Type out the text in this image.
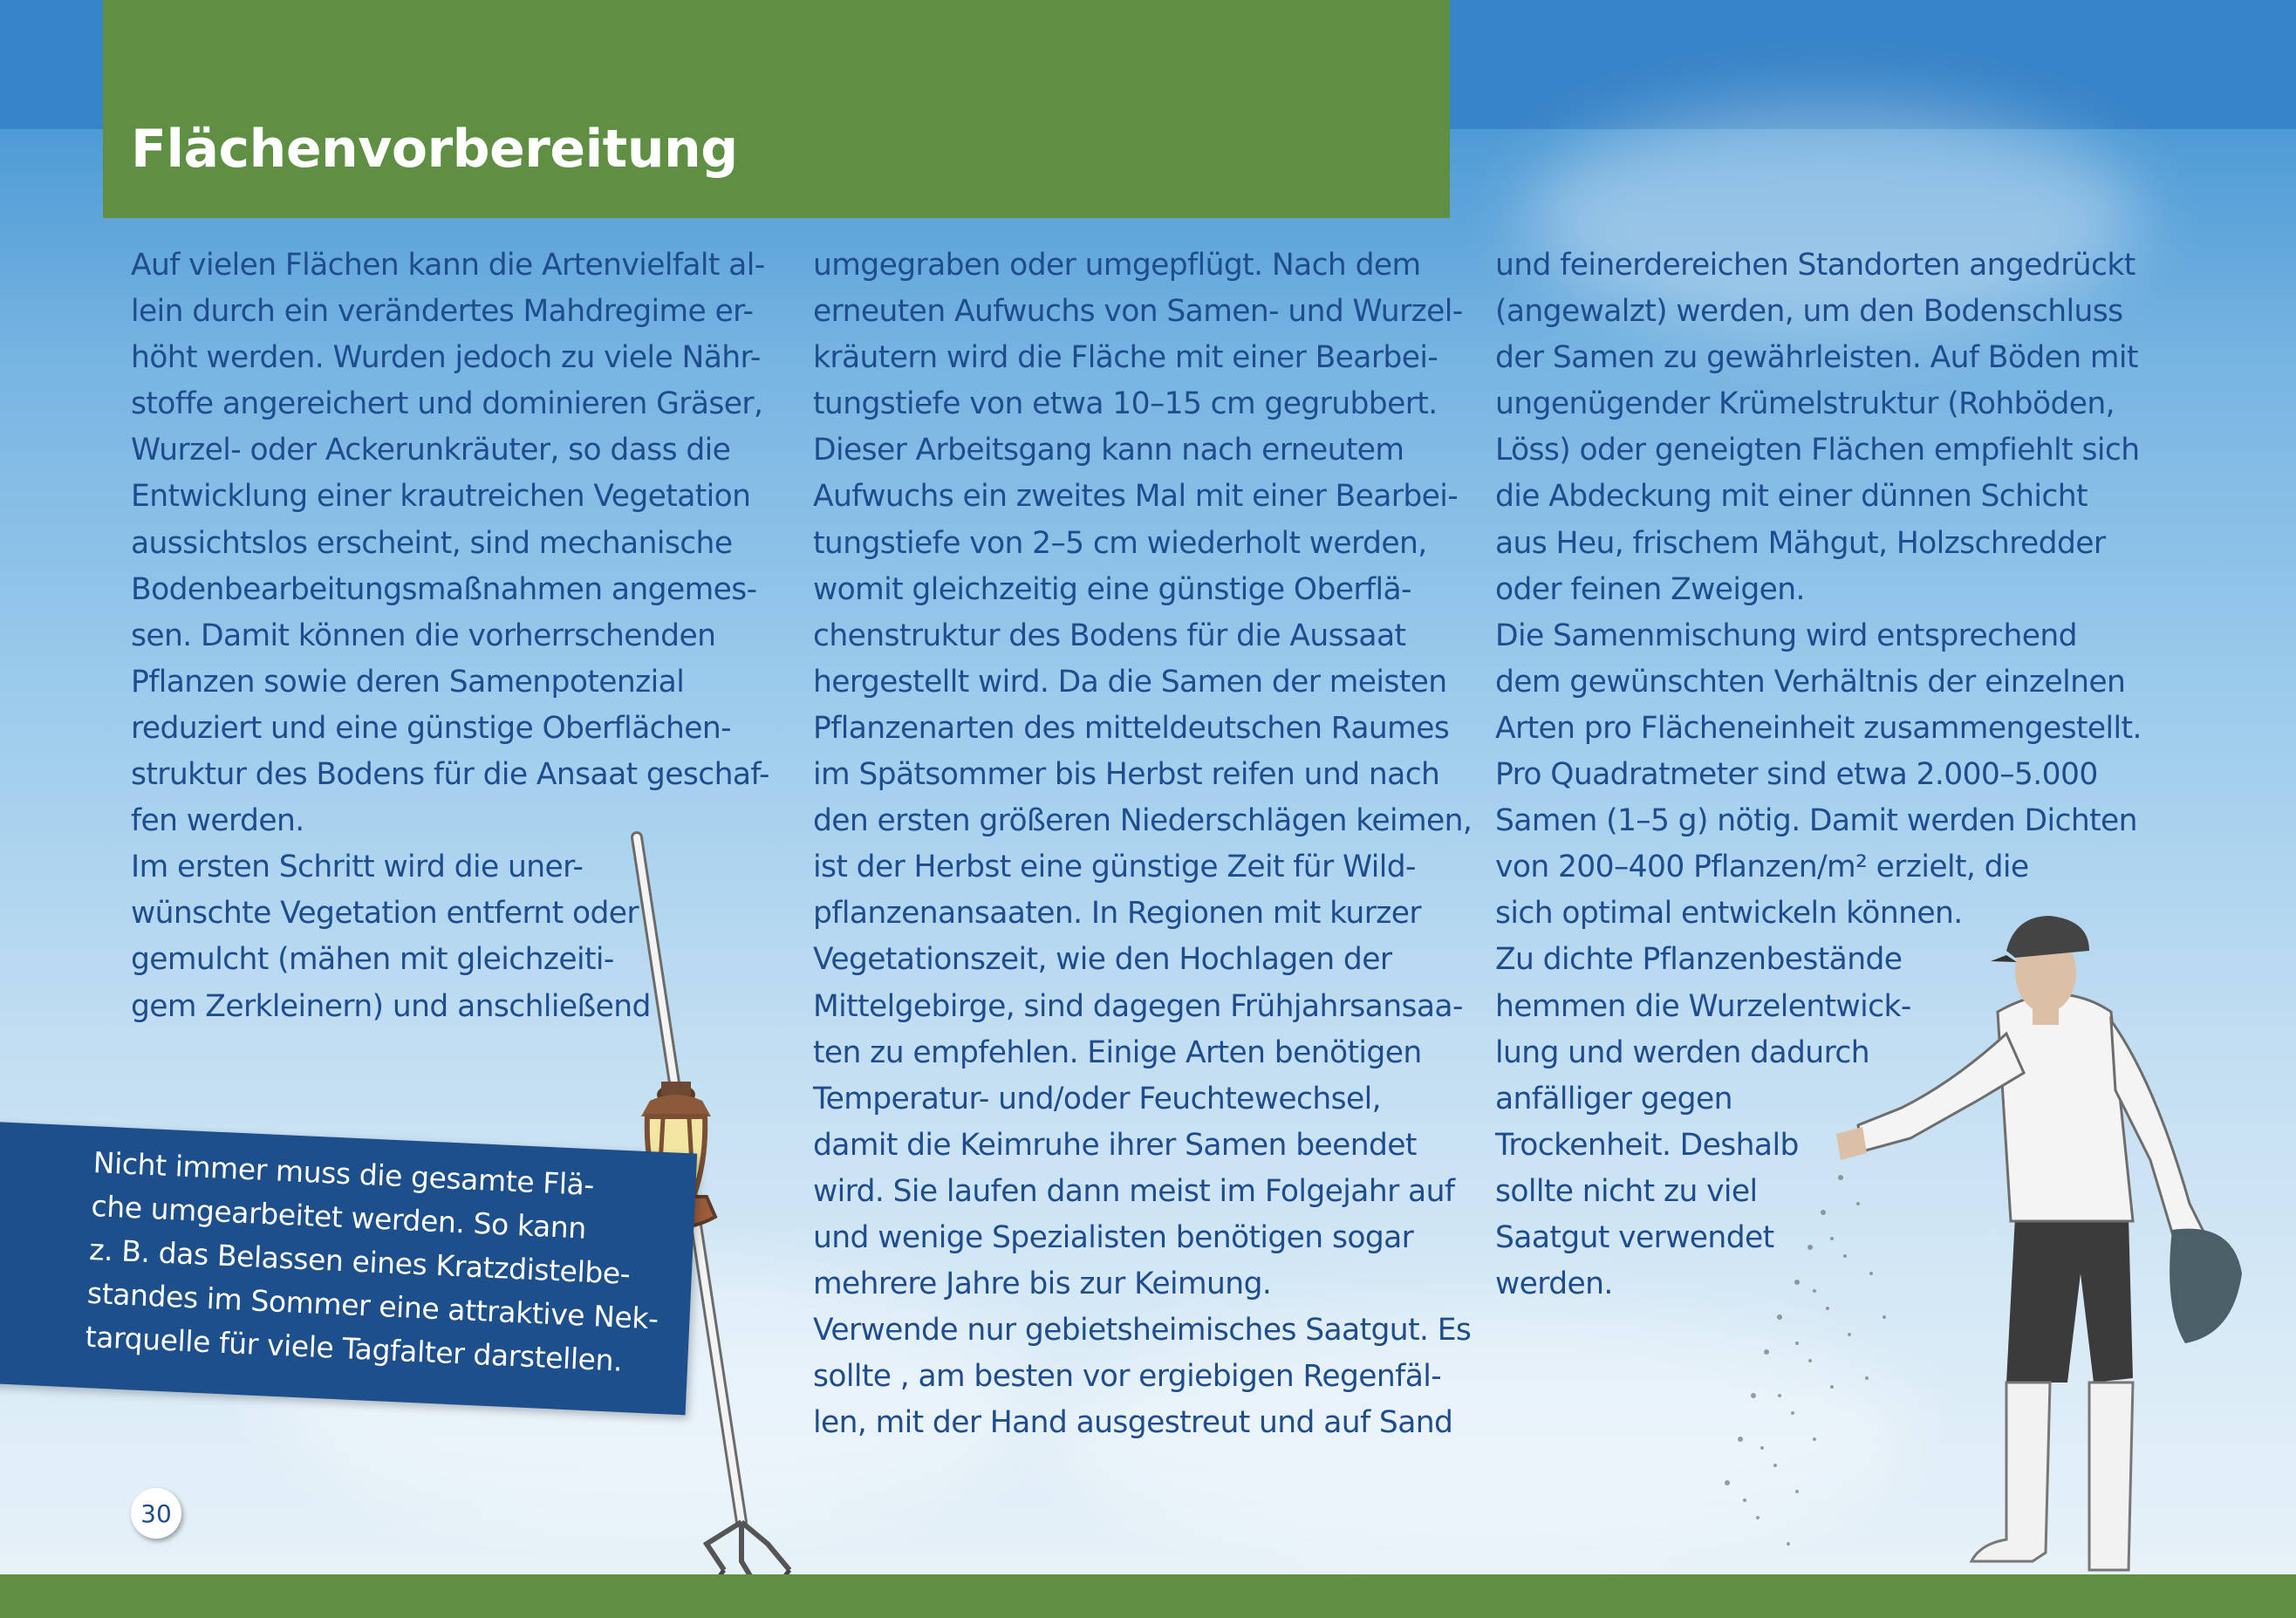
Flächenvorbereitung
Auf vielen Flächen kann die Artenvielfalt al-
lein durch ein verändertes Mahdregime er-
höht werden. Wurden jedoch zu viele Nähr-
stoffe angereichert und dominieren Gräser,
Wurzel- oder Ackerunkräuter, so dass die
Entwicklung einer krautreichen Vegetation
aussichtslos erscheint, sind mechanische
Bodenbearbeitungsmaßnahmen angemes-
sen. Damit können die vorherrschenden
Pflanzen sowie deren Samenpotenzial
reduziert und eine günstige Oberflächen-
struktur des Bodens für die Ansaat geschaf-
fen werden.
Im ersten Schritt wird die uner-
wünschte Vegetation entfernt oder
gemulcht (mähen mit gleichzeiti-
gem Zerkleinern) und anschließend
umgegraben oder umgepflügt. Nach dem
erneuten Aufwuchs von Samen- und Wurzel-
kräutern wird die Fläche mit einer Bearbei-
tungstiefe von etwa 10–15 cm gegrubbert.
Dieser Arbeitsgang kann nach erneutem
Aufwuchs ein zweites Mal mit einer Bearbei-
tungstiefe von 2–5 cm wiederholt werden,
womit gleichzeitig eine günstige Oberflä-
chenstruktur des Bodens für die Aussaat
hergestellt wird. Da die Samen der meisten
Pflanzenarten des mitteldeutschen Raumes
im Spätsommer bis Herbst reifen und nach
den ersten größeren Niederschlägen keimen,
ist der Herbst eine günstige Zeit für Wild-
pflanzenansaaten. In Regionen mit kurzer
Vegetationszeit, wie den Hochlagen der
Mittelgebirge, sind dagegen Frühjahrsansaa-
ten zu empfehlen. Einige Arten benötigen
Temperatur- und/oder Feuchtewechsel,
damit die Keimruhe ihrer Samen beendet
wird. Sie laufen dann meist im Folgejahr auf
und wenige Spezialisten benötigen sogar
mehrere Jahre bis zur Keimung.
Verwende nur gebietsheimisches Saatgut. Es
sollte , am besten vor ergiebigen Regenfäl-
len, mit der Hand ausgestreut und auf Sand
und feinerdereichen Standorten angedrückt
(angewalzt) werden, um den Bodenschluss
der Samen zu gewährleisten. Auf Böden mit
ungenügender Krümelstruktur (Rohböden,
Löss) oder geneigten Flächen empfiehlt sich
die Abdeckung mit einer dünnen Schicht
aus Heu, frischem Mähgut, Holzschredder
oder feinen Zweigen.
Die Samenmischung wird entsprechend
dem gewünschten Verhältnis der einzelnen
Arten pro Flächeneinheit zusammengestellt.
Pro Quadratmeter sind etwa 2.000–5.000
Samen (1–5 g) nötig. Damit werden Dichten
von 200–400 Pflanzen/m² erzielt, die
sich optimal entwickeln können.
Zu dichte Pflanzenbestände
hemmen die Wurzelentwick-
lung und werden dadurch
anfälliger gegen
Trockenheit. Deshalb
sollte nicht zu viel
Saatgut verwendet
werden.
Nicht immer muss die gesamte Flä-
che umgearbeitet werden. So kann
z. B. das Belassen eines Kratzdistelbe-
standes im Sommer eine attraktive Nek-
tarquelle für viele Tagfalter darstellen.
30
